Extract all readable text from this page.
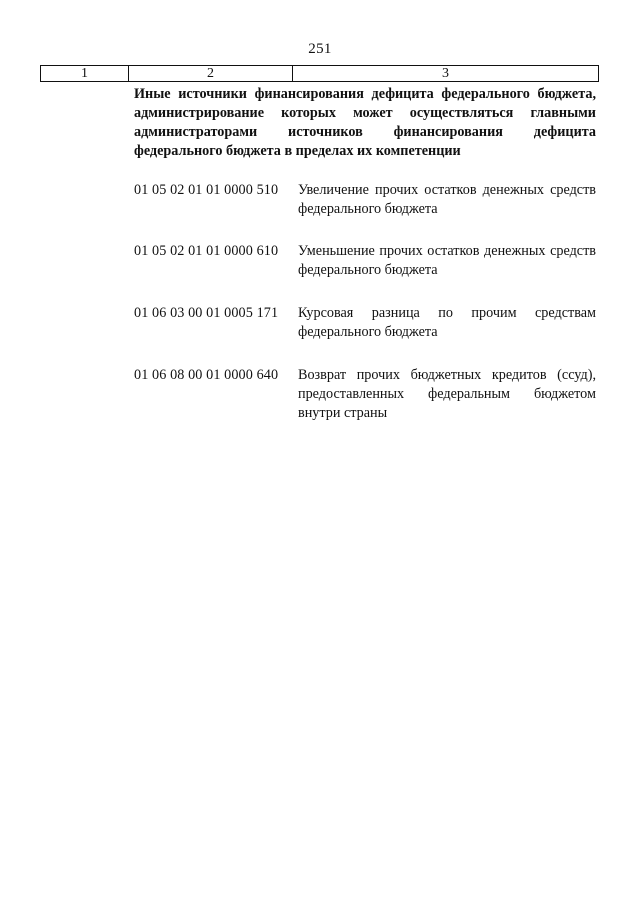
251
1	2	3
Иные источники финансирования дефицита федерального бюджета, администрирование которых может осуществляться главными администраторами источников финансирования дефицита федерального бюджета в пределах их компетенции
01 05 02 01 01 0000 510	Увеличение прочих остатков денежных средств федерального бюджета
01 05 02 01 01 0000 610	Уменьшение прочих остатков денежных средств федерального бюджета
01 06 03 00 01 0005 171	Курсовая разница по прочим средствам федерального бюджета
01 06 08 00 01 0000 640	Возврат прочих бюджетных кредитов (ссуд), предоставленных федеральным бюджетом внутри страны
